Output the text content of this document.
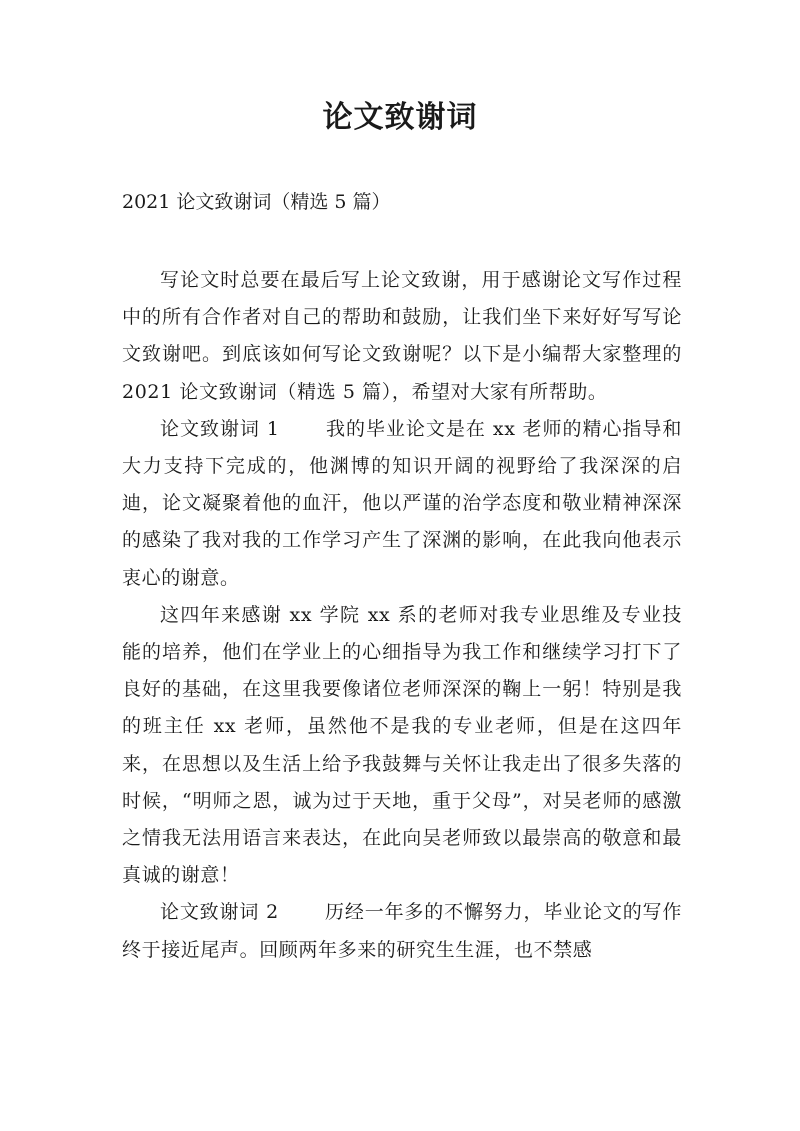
论文致谢词
2021 论文致谢词（精选 5 篇）

写论文时总要在最后写上论文致谢，用于感谢论文写作过程中的所有合作者对自己的帮助和鼓励，让我们坐下来好好写写论文致谢吧。到底该如何写论文致谢呢？以下是小编帮大家整理的 2021 论文致谢词（精选 5 篇），希望对大家有所帮助。

论文致谢词 1 我的毕业论文是在 xx 老师的精心指导和大力支持下完成的，他渊博的知识开阔的视野给了我深深的启迪，论文凝聚着他的血汗，他以严谨的治学态度和敬业精神深深的感染了我对我的工作学习产生了深渊的影响，在此我向他表示衷心的谢意。

这四年来感谢 xx 学院 xx 系的老师对我专业思维及专业技能的培养，他们在学业上的心细指导为我工作和继续学习打下了良好的基础，在这里我要像诸位老师深深的鞠上一躬！特别是我的班主任 xx 老师，虽然他不是我的专业老师，但是在这四年来，在思想以及生活上给予我鼓舞与关怀让我走出了很多失落的时候，“明师之恩，诚为过于天地，重于父母”，对吴老师的感激之情我无法用语言来表达，在此向吴老师致以最崇高的敬意和最真诚的谢意！

论文致谢词 2 历经一年多的不懈努力，毕业论文的写作终于接近尾声。回顾两年多来的研究生生涯，也不禁感
